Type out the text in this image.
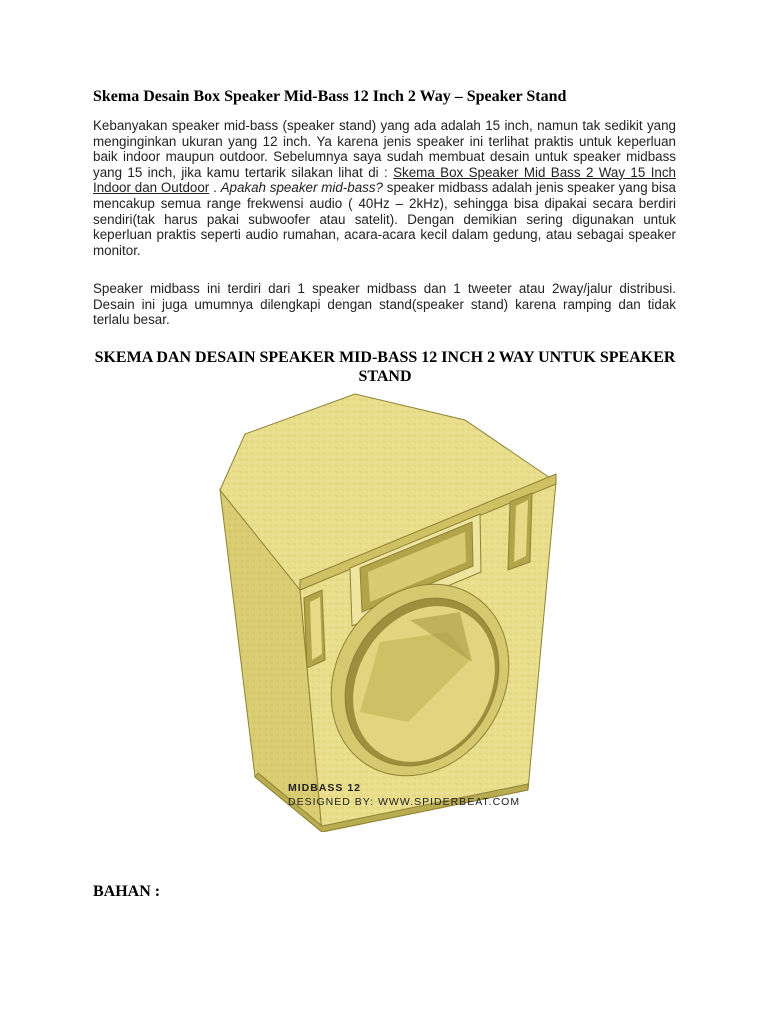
Skema Desain Box Speaker Mid-Bass 12 Inch 2 Way – Speaker Stand

Kebanyakan speaker mid-bass (speaker stand) yang ada adalah 15 inch, namun tak sedikit yang menginginkan ukuran yang 12 inch. Ya karena jenis speaker ini terlihat praktis untuk keperluan baik indoor maupun outdoor. Sebelumnya saya sudah membuat desain untuk speaker midbass yang 15 inch, jika kamu tertarik silakan lihat di : Skema Box Speaker Mid Bass 2 Way 15 Inch Indoor dan Outdoor . Apakah speaker mid-bass? speaker midbass adalah jenis speaker yang bisa mencakup semua range frekwensi audio ( 40Hz – 2kHz), sehingga bisa dipakai secara berdiri sendiri(tak harus pakai subwoofer atau satelit). Dengan demikian sering digunakan untuk keperluan praktis seperti audio rumahan, acara-acara kecil dalam gedung, atau sebagai speaker monitor.

Speaker midbass ini terdiri dari 1 speaker midbass dan 1 tweeter atau 2way/jalur distribusi. Desain ini juga umumnya dilengkapi dengan stand(speaker stand) karena ramping dan tidak terlalu besar.

SKEMA DAN DESAIN SPEAKER MID-BASS 12 INCH 2 WAY UNTUK SPEAKER STAND
MIDBASS 12
DESIGNED BY: WWW.SPIDERBEAT.COM
BAHAN :
